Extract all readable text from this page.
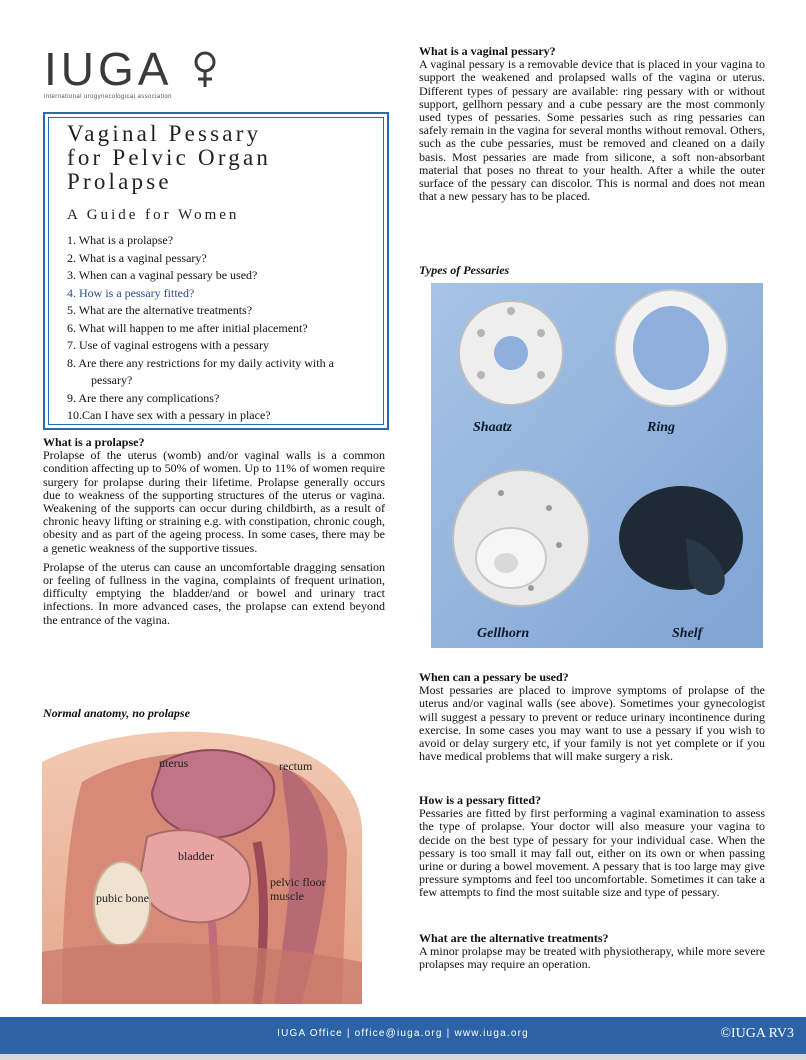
IUGA
international urogynecological association
Vaginal Pessary
for Pelvic Organ
Prolapse
A Guide for Women
1. What is a prolapse?
2. What is a vaginal pessary?
3. When can a vaginal pessary be used?
4. How is a pessary fitted?
5. What are the alternative treatments?
6. What will happen to me after initial placement?
7. Use of vaginal estrogens with a pessary
8. Are there any restrictions for my daily activity with a pessary?
9. Are there any complications?
10.Can I have sex with a pessary in place?
What is a prolapse?

Prolapse of the uterus (womb) and/or vaginal walls is a common condition affecting up to 50% of women. Up to 11% of women require surgery for prolapse during their lifetime. Prolapse generally occurs due to weakness of the supporting structures of the uterus or vagina. Weakening of the supports can occur during childbirth, as a result of chronic heavy lifting or straining e.g. with constipation, chronic cough, obesity and as part of the ageing process. In some cases, there may be a genetic weakness of the supportive tissues.

Prolapse of the uterus can cause an uncomfortable dragging sensation or feeling of fullness in the vagina, complaints of frequent urination, difficulty emptying the bladder/and or bowel and urinary tract infections. In more advanced cases, the prolapse can extend beyond the entrance of the vagina.

Normal anatomy, no prolapse
uterus	rectum
bladder
pubic bone
pelvic floor
muscle
What is a vaginal pessary?

A vaginal pessary is a removable device that is placed in your vagina to support the weakened and prolapsed walls of the vagina or uterus. Different types of pessary are available: ring pessary with or without support, gellhorn pessary and a cube pessary are the most commonly used types of pessaries. Some pessaries such as ring pessaries can safely remain in the vagina for several months without removal. Others, such as the cube pessaries, must be removed and cleaned on a daily basis. Most pessaries are made from silicone, a soft non-absorbant material that poses no threat to your health. After a while the outer surface of the pessary can discolor. This is normal and does not mean that a new pessary has to be placed.

Types of Pessaries
Shaatz	Ring
Gellhorn	Shelf
When can a pessary be used?

Most pessaries are placed to improve symptoms of prolapse of the uterus and/or vaginal walls (see above). Sometimes your gynecologist will suggest a pessary to prevent or reduce urinary incontinence during exercise. In some cases you may want to use a pessary if you wish to avoid or delay surgery etc, if your family is not yet complete or if you have medical problems that will make surgery a risk.

How is a pessary fitted?

Pessaries are fitted by first performing a vaginal examination to assess the type of prolapse. Your doctor will also measure your vagina to decide on the best type of pessary for your individual case. When the pessary is too small it may fall out, either on its own or when passing urine or during a bowel movement. A pessary that is too large may give pressure symptoms and feel too uncomfortable. Sometimes it can take a few attempts to find the most suitable size and type of pessary.

What are the alternative treatments?

A minor prolapse may be treated with physiotherapy, while more severe prolapses may require an operation.

IUGA Office | office@iuga.org | www.iuga.org	©IUGA RV3
